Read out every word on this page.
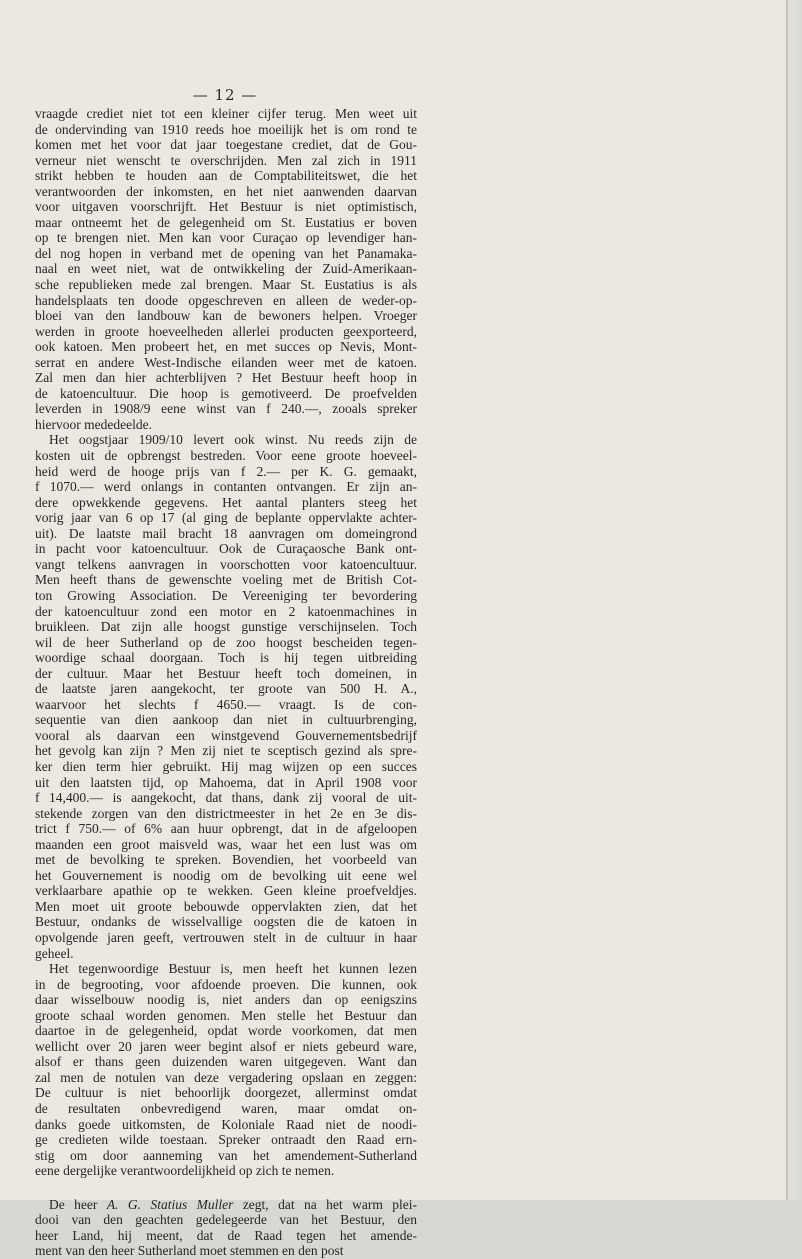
— 12 —
vraagde crediet niet tot een kleiner cijfer terug. Men weet uit
de ondervinding van 1910 reeds hoe moeilijk het is om rond te
komen met het voor dat jaar toegestane crediet, dat de Gou-
verneur niet wenscht te overschrijden. Men zal zich in 1911
strikt hebben te houden aan de Comptabiliteitswet, die het
verantwoorden der inkomsten, en het niet aanwenden daarvan
voor uitgaven voorschrijft. Het Bestuur is niet optimistisch,
maar ontneemt het de gelegenheid om St. Eustatius er boven
op te brengen niet. Men kan voor Curaçao op levendiger han-
del nog hopen in verband met de opening van het Panamaka-
naal en weet niet, wat de ontwikkeling der Zuid-Amerikaan-
sche republieken mede zal brengen. Maar St. Eustatius is als
handelsplaats ten doode opgeschreven en alleen de weder-op-
bloei van den landbouw kan de bewoners helpen. Vroeger
werden in groote hoeveelheden allerlei producten geexporteerd,
ook katoen. Men probeert het, en met succes op Nevis, Mont-
serrat en andere West-Indische eilanden weer met de katoen.
Zal men dan hier achterblijven ? Het Bestuur heeft hoop in
de katoencultuur. Die hoop is gemotiveerd. De proefvelden
leverden in 1908/9 eene winst van f 240.—, zooals spreker
hiervoor mededeelde.
Het oogstjaar 1909/10 levert ook winst. Nu reeds zijn de
kosten uit de opbrengst bestreden. Voor eene groote hoeveel-
heid werd de hooge prijs van f 2.— per K. G. gemaakt,
f 1070.— werd onlangs in contanten ontvangen. Er zijn an-
dere opwekkende gegevens. Het aantal planters steeg het
vorig jaar van 6 op 17 (al ging de beplante oppervlakte achter-
uit). De laatste mail bracht 18 aanvragen om domeingrond
in pacht voor katoencultuur. Ook de Curaçaosche Bank ont-
vangt telkens aanvragen in voorschotten voor katoencultuur.
Men heeft thans de gewenschte voeling met de British Cot-
ton Growing Association. De Vereeniging ter bevordering
der katoencultuur zond een motor en 2 katoenmachines in
bruikleen. Dat zijn alle hoogst gunstige verschijnselen. Toch
wil de heer Sutherland op de zoo hoogst bescheiden tegen-
woordige schaal doorgaan. Toch is hij tegen uitbreiding
der cultuur. Maar het Bestuur heeft toch domeinen, in
de laatste jaren aangekocht, ter groote van 500 H. A.,
waarvoor het slechts f 4650.— vraagt. Is de con-
sequentie van dien aankoop dan niet in cultuurbrenging,
vooral als daarvan een winstgevend Gouvernementsbedrijf
het gevolg kan zijn ? Men zij niet te sceptisch gezind als spre-
ker dien term hier gebruikt. Hij mag wijzen op een succes
uit den laatsten tijd, op Mahoema, dat in April 1908 voor
f 14,400.— is aangekocht, dat thans, dank zij vooral de uit-
stekende zorgen van den districtmeester in het 2e en 3e dis-
trict f 750.— of 6% aan huur opbrengt, dat in de afgeloopen
maanden een groot maisveld was, waar het een lust was om
met de bevolking te spreken. Bovendien, het voorbeeld van
het Gouvernement is noodig om de bevolking uit eene wel
verklaarbare apathie op te wekken. Geen kleine proefveldjes.
Men moet uit groote bebouwde oppervlakten zien, dat het
Bestuur, ondanks de wisselvallige oogsten die de katoen in
opvolgende jaren geeft, vertrouwen stelt in de cultuur in haar
geheel.
Het tegenwoordige Bestuur is, men heeft het kunnen lezen
in de begrooting, voor afdoende proeven. Die kunnen, ook
daar wisselbouw noodig is, niet anders dan op eenigszins
groote schaal worden genomen. Men stelle het Bestuur dan
daartoe in de gelegenheid, opdat worde voorkomen, dat men
wellicht over 20 jaren weer begint alsof er niets gebeurd ware,
alsof er thans geen duizenden waren uitgegeven. Want dan
zal men de notulen van deze vergadering opslaan en zeggen:
De cultuur is niet behoorlijk doorgezet, allerminst omdat
de resultaten onbevredigend waren, maar omdat on-
danks goede uitkomsten, de Koloniale Raad niet de noodi-
ge credieten wilde toestaan. Spreker ontraadt den Raad ern-
stig om door aanneming van het amendement-Sutherland
eene dergelijke verantwoordelijkheid op zich te nemen.
De heer A. G. Statius Muller zegt, dat na het warm plei-
dooi van den geachten gedelegeerde van het Bestuur, den
heer Land, hij meent, dat de Raad tegen het amende-
ment van den heer Sutherland moet stemmen en den post
